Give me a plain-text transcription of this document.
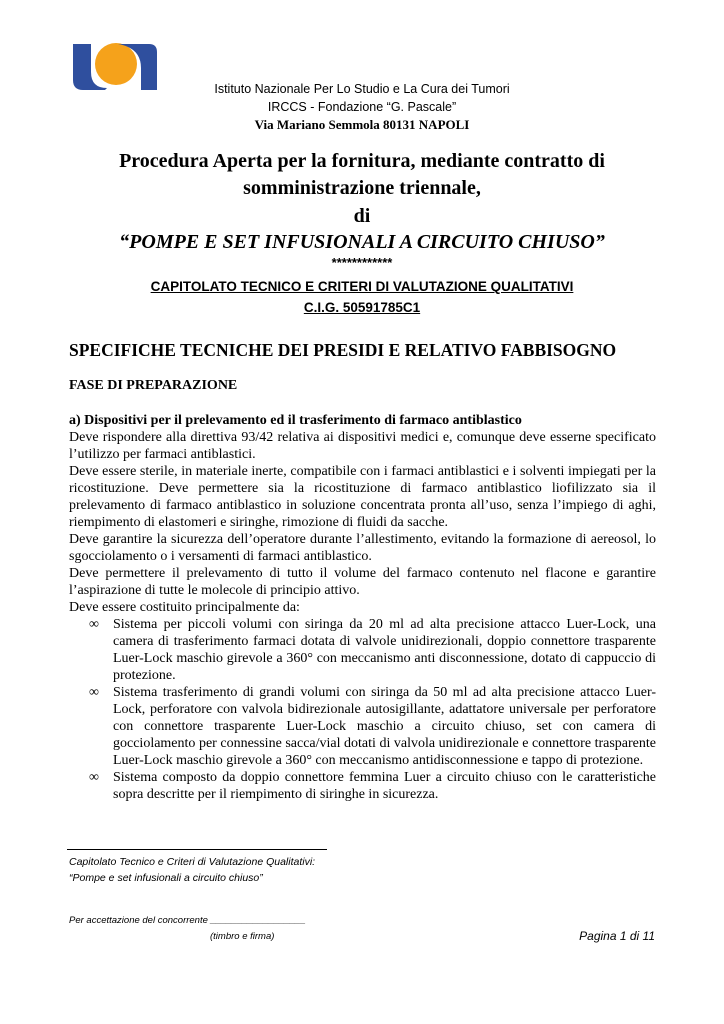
Istituto Nazionale Per Lo Studio e La Cura dei Tumori
IRCCS - Fondazione “G. Pascale”
Via Mariano Semmola 80131 NAPOLI
Procedura Aperta per la fornitura, mediante contratto di
somministrazione triennale,
di
“POMPE E SET INFUSIONALI A CIRCUITO CHIUSO”
************
CAPITOLATO TECNICO E CRITERI DI VALUTAZIONE QUALITATIVI
C.I.G. 50591785C1
SPECIFICHE TECNICHE DEI PRESIDI E RELATIVO FABBISOGNO
FASE DI PREPARAZIONE

a) Dispositivi per il prelevamento ed il trasferimento di farmaco antiblastico

Deve rispondere alla direttiva 93/42 relativa ai dispositivi medici e, comunque deve esserne specificato l’utilizzo per farmaci antiblastici.

Deve essere sterile, in materiale inerte, compatibile con i farmaci antiblastici e i solventi impiegati per la ricostituzione. Deve permettere sia la ricostituzione di farmaco antiblastico liofilizzato sia il prelevamento di farmaco antiblastico in soluzione concentrata pronta all’uso, senza l’impiego di aghi, riempimento di elastomeri e siringhe, rimozione di fluidi da sacche.

Deve garantire la sicurezza dell’operatore durante l’allestimento, evitando la formazione di aereosol, lo sgocciolamento o i versamenti di farmaci antiblastico.

Deve permettere il prelevamento di tutto il volume del farmaco contenuto nel flacone e garantire l’aspirazione di tutte le molecole di principio attivo.

Deve essere costituito principalmente da:

∞ Sistema per piccoli volumi con siringa da 20 ml ad alta precisione attacco Luer-Lock, una camera di trasferimento farmaci dotata di valvole unidirezionali, doppio connettore trasparente Luer-Lock maschio girevole a 360° con meccanismo anti disconnessione, dotato di cappuccio di protezione.
∞ Sistema trasferimento di grandi volumi con siringa da 50 ml ad alta precisione attacco Luer-Lock, perforatore con valvola bidirezionale autosigillante, adattatore universale per perforatore con connettore trasparente Luer-Lock maschio a circuito chiuso, set con camera di gocciolamento per connessine sacca/vial dotati di valvola unidirezionale e connettore trasparente Luer-Lock maschio girevole a 360° con meccanismo antidisconnessione e tappo di protezione.
∞ Sistema composto da doppio connettore femmina Luer a circuito chiuso con le caratteristiche sopra descritte per il riempimento di siringhe in sicurezza.
Capitolato Tecnico e Criteri di Valutazione Qualitativi:
“Pompe e set infusionali a circuito chiuso”
Per accettazione del concorrente __________________
(timbro e firma)	Pagina 1 di 11
